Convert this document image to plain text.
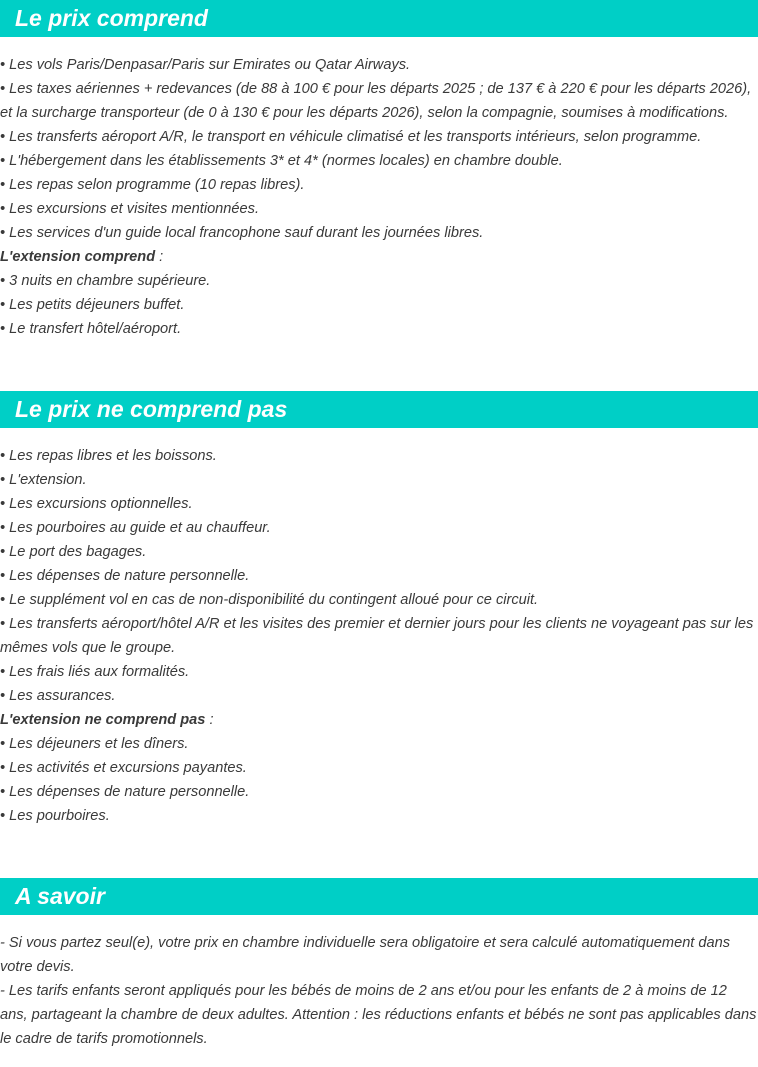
Le prix comprend
• Les vols Paris/Denpasar/Paris sur Emirates ou Qatar Airways.
• Les taxes aériennes + redevances (de 88 à 100 € pour les départs 2025 ; de 137 € à 220 € pour les départs 2026), et la surcharge transporteur (de 0 à 130 € pour les départs 2026), selon la compagnie, soumises à modifications.
• Les transferts aéroport A/R, le transport en véhicule climatisé et les transports intérieurs, selon programme.
• L'hébergement dans les établissements 3* et 4* (normes locales) en chambre double.
• Les repas selon programme (10 repas libres).
• Les excursions et visites mentionnées.
• Les services d'un guide local francophone sauf durant les journées libres.
L'extension comprend :
• 3 nuits en chambre supérieure.
• Les petits déjeuners buffet.
• Le transfert hôtel/aéroport.
Le prix ne comprend pas
• Les repas libres et les boissons.
• L'extension.
• Les excursions optionnelles.
• Les pourboires au guide et au chauffeur.
• Le port des bagages.
• Les dépenses de nature personnelle.
• Le supplément vol en cas de non-disponibilité du contingent alloué pour ce circuit.
• Les transferts aéroport/hôtel A/R et les visites des premier et dernier jours pour les clients ne voyageant pas sur les mêmes vols que le groupe.
• Les frais liés aux formalités.
• Les assurances.
L'extension ne comprend pas :
• Les déjeuners et les dîners.
• Les activités et excursions payantes.
• Les dépenses de nature personnelle.
• Les pourboires.
A savoir
- Si vous partez seul(e), votre prix en chambre individuelle sera obligatoire et sera calculé automatiquement dans votre devis.
- Les tarifs enfants seront appliqués pour les bébés de moins de 2 ans et/ou pour les enfants de 2 à moins de 12 ans, partageant la chambre de deux adultes. Attention : les réductions enfants et bébés ne sont pas applicables dans le cadre de tarifs promotionnels.
